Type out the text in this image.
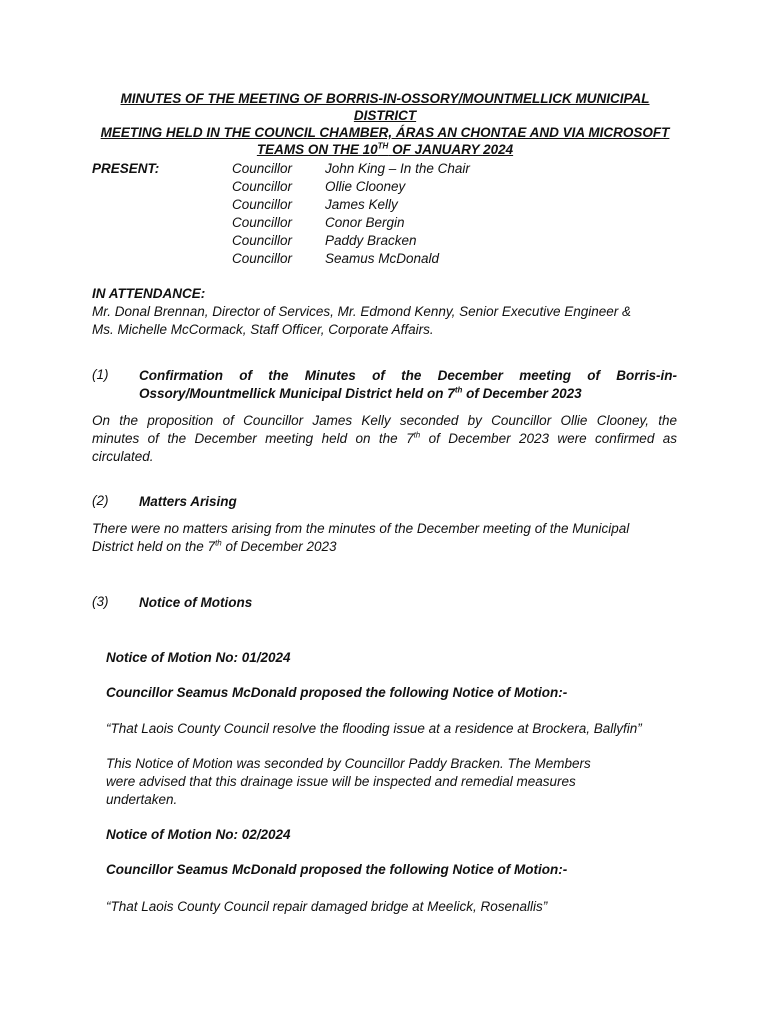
MINUTES OF THE MEETING OF BORRIS-IN-OSSORY/MOUNTMELLICK MUNICIPAL DISTRICT
MEETING HELD IN THE COUNCIL CHAMBER, ÁRAS AN CHONTAE AND VIA MICROSOFT
TEAMS ON THE 10TH OF JANUARY 2024
PRESENT:	Councillor John King – In the Chair
Councillor Ollie Clooney
Councillor James Kelly
Councillor Conor Bergin
Councillor Paddy Bracken
Councillor Seamus McDonald
IN ATTENDANCE:
Mr. Donal Brennan, Director of Services, Mr. Edmond Kenny, Senior Executive Engineer &
Ms. Michelle McCormack, Staff Officer, Corporate Affairs.
(1) Confirmation of the Minutes of the December meeting of Borris-in-
Ossory/Mountmellick Municipal District held on 7th of December 2023
On the proposition of Councillor James Kelly seconded by Councillor Ollie Clooney, the
minutes of the December meeting held on the 7th of December 2023 were confirmed as
circulated.
(2) Matters Arising
There were no matters arising from the minutes of the December meeting of the Municipal
District held on the 7th of December 2023
(3) Notice of Motions
Notice of Motion No: 01/2024
Councillor Seamus McDonald proposed the following Notice of Motion:-
“That Laois County Council resolve the flooding issue at a residence at Brockera, Ballyfin”
This Notice of Motion was seconded by Councillor Paddy Bracken. The Members
were advised that this drainage issue will be inspected and remedial measures
undertaken.
Notice of Motion No: 02/2024
Councillor Seamus McDonald proposed the following Notice of Motion:-
“That Laois County Council repair damaged bridge at Meelick, Rosenallis”
